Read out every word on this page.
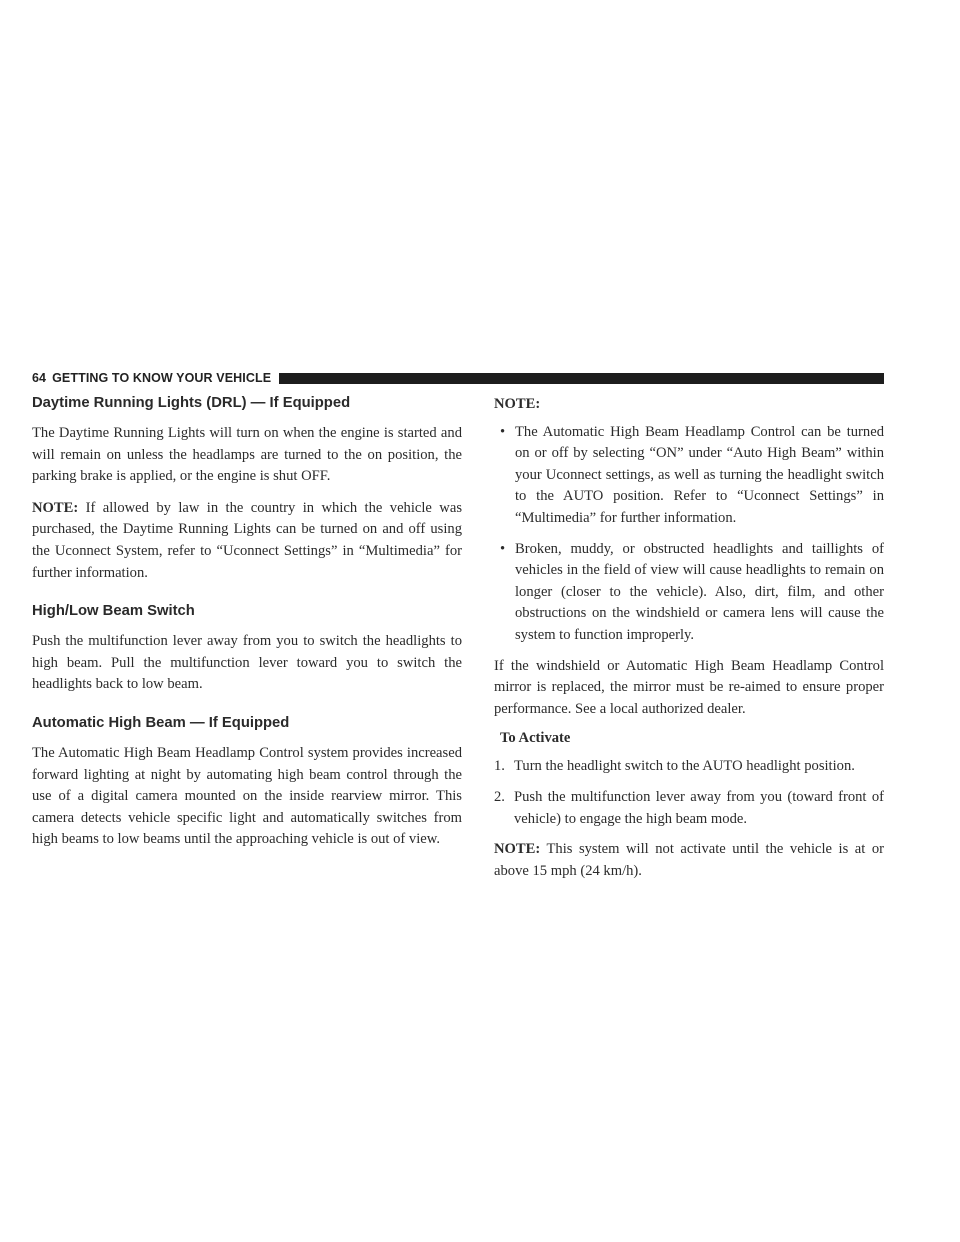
64 GETTING TO KNOW YOUR VEHICLE
Daytime Running Lights (DRL) — If Equipped

The Daytime Running Lights will turn on when the engine is started and will remain on unless the headlamps are turned to the on position, the parking brake is applied, or the engine is shut OFF.

NOTE: If allowed by law in the country in which the vehicle was purchased, the Daytime Running Lights can be turned on and off using the Uconnect System, refer to “Uconnect Settings” in “Multimedia” for further information.

High/Low Beam Switch

Push the multifunction lever away from you to switch the headlights to high beam. Pull the multifunction lever toward you to switch the headlights back to low beam.

Automatic High Beam — If Equipped

The Automatic High Beam Headlamp Control system provides increased forward lighting at night by automating high beam control through the use of a digital camera mounted on the inside rearview mirror. This camera detects vehicle specific light and automatically switches from high beams to low beams until the approaching vehicle is out of view.

NOTE:

• The Automatic High Beam Headlamp Control can be turned on or off by selecting “ON” under “Auto High Beam” within your Uconnect settings, as well as turning the headlight switch to the AUTO position. Refer to “Uconnect Settings” in “Multimedia” for further information.
• Broken, muddy, or obstructed headlights and taillights of vehicles in the field of view will cause headlights to remain on longer (closer to the vehicle). Also, dirt, film, and other obstructions on the windshield or camera lens will cause the system to function improperly.

If the windshield or Automatic High Beam Headlamp Control mirror is replaced, the mirror must be re-aimed to ensure proper performance. See a local authorized dealer.

To Activate
1. Turn the headlight switch to the AUTO headlight position.
2. Push the multifunction lever away from you (toward front of vehicle) to engage the high beam mode.

NOTE: This system will not activate until the vehicle is at or above 15 mph (24 km/h).
